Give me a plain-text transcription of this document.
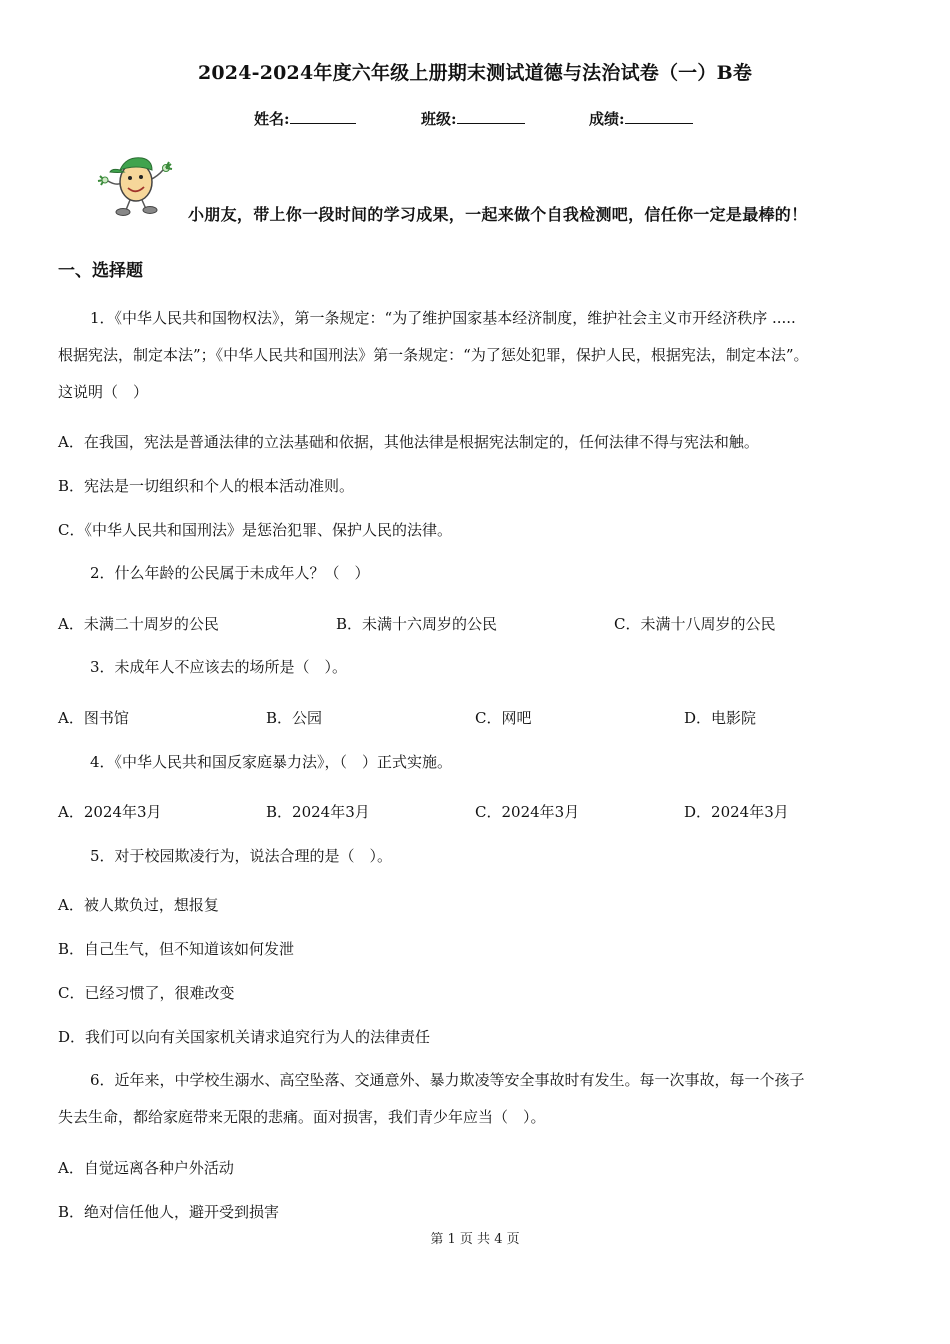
2024-2024年度六年级上册期末测试道德与法治试卷（一）B卷
姓名:	班级:	成绩:
小朋友，带上你一段时间的学习成果，一起来做个自我检测吧，信任你一定是最棒的！
一、选择题
1．《中华人民共和国物权法》，第一条规定：“为了维护国家基本经济制度，维护社会主义市开经济秩序 .....
根据宪法，制定本法”；《中华人民共和国刑法》第一条规定：“为了惩处犯罪，保护人民，根据宪法，制定本法”。
这说明（　）
A．在我国，宪法是普通法律的立法基础和依据，其他法律是根据宪法制定的，任何法律不得与宪法和触。
B．宪法是一切组织和个人的根本活动准则。
C．《中华人民共和国刑法》是惩治犯罪、保护人民的法律。
2．什么年龄的公民属于未成年人？（　）
A．未满二十周岁的公民	B．未满十六周岁的公民	C．未满十八周岁的公民
3．未成年人不应该去的场所是（　）。
A．图书馆	B．公园	C．网吧	D．电影院
4．《中华人民共和国反家庭暴力法》，（　）正式实施。
A．2024年3月	B．2024年3月	C．2024年3月	D．2024年3月
5．对于校园欺凌行为，说法合理的是（　）。
A．被人欺负过，想报复
B．自己生气，但不知道该如何发泄
C．已经习惯了，很难改变
D．我们可以向有关国家机关请求追究行为人的法律责任
6．近年来，中学校生溺水、高空坠落、交通意外、暴力欺凌等安全事故时有发生。每一次事故，每一个孩子
失去生命，都给家庭带来无限的悲痛。面对损害，我们青少年应当（　）。
A．自觉远离各种户外活动
B．绝对信任他人，避开受到损害
第 1 页 共 4 页
